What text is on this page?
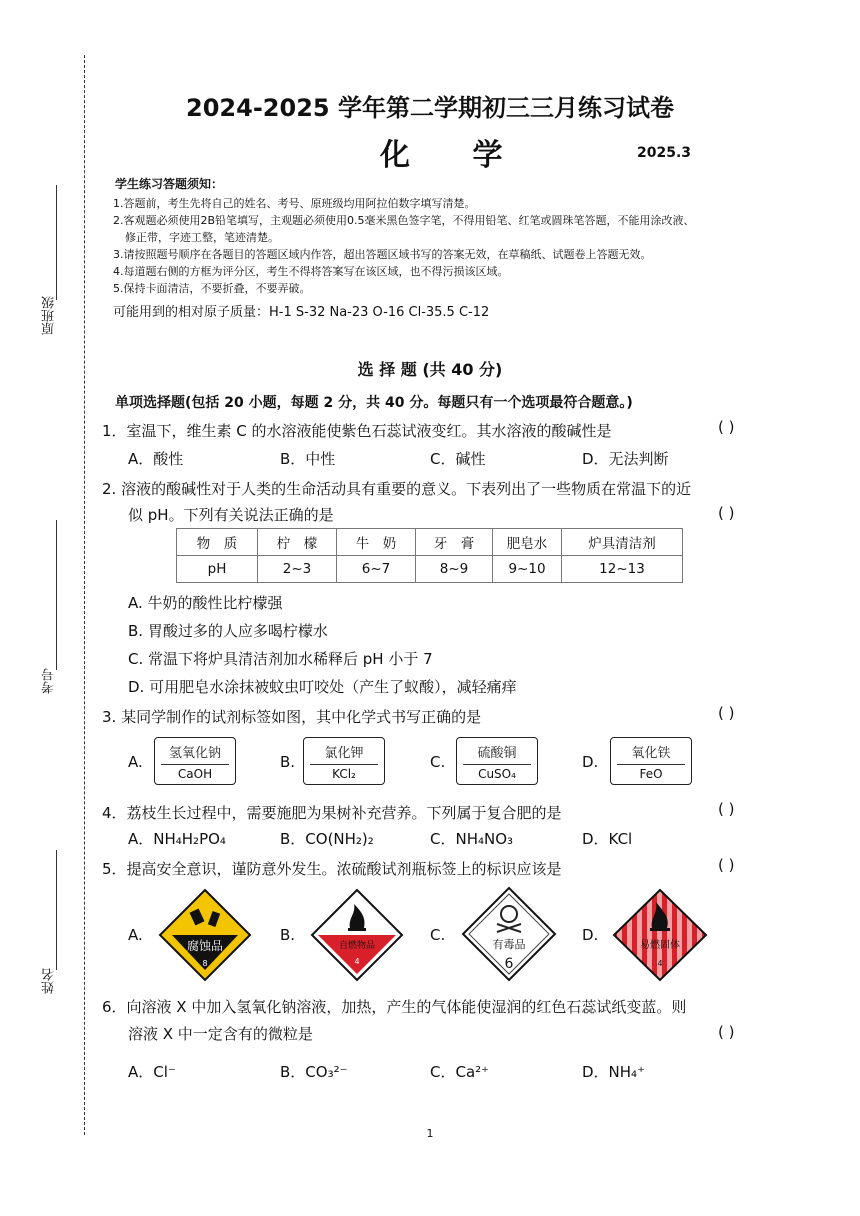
原班级
考号
姓名
2024-2025 学年第二学期初三三月练习试卷
化 学	2025.3
学生练习答题须知：
1.答题前，考生先将自己的姓名、考号、原班级均用阿拉伯数字填写清楚。
2.客观题必须使用2B铅笔填写，主观题必须使用0.5毫米黑色签字笔，不得用铅笔、红笔或圆珠笔答题，不能用涂改液、
修正带，字迹工整，笔迹清楚。
3.请按照题号顺序在各题目的答题区域内作答，超出答题区域书写的答案无效，在草稿纸、试题卷上答题无效。
4.每道题右侧的方框为评分区，考生不得将答案写在该区域，也不得污损该区域。
5.保持卡面清洁，不要折叠，不要弄破。
可能用到的相对原子质量：H-1 S-32 Na-23 O-16 Cl-35.5 C-12
选 择 题 (共 40 分)
单项选择题(包括 20 小题，每题 2 分，共 40 分。每题只有一个选项最符合题意。)
1．室温下，维生素 C 的水溶液能使紫色石蕊试液变红。其水溶液的酸碱性是	( )
A．酸性	B．中性	C．碱性	D．无法判断
2. 溶液的酸碱性对于人类的生命活动具有重要的意义。下表列出了一些物质在常温下的近
似 pH。下列有关说法正确的是	( )
物　质	柠　檬	牛　奶	牙　膏	肥皂水	炉具清洁剂
pH	2~3	6~7	8~9	9~10	12~13
A. 牛奶的酸性比柠檬强
B. 胃酸过多的人应多喝柠檬水
C. 常温下将炉具清洁剂加水稀释后 pH 小于 7
D. 可用肥皂水涂抹被蚊虫叮咬处（产生了蚁酸），减轻痛痒
3. 某同学制作的试剂标签如图，其中化学式书写正确的是	( )
A.	氢氧化钠
CaOH
B.	氯化钾
KCl₂
C.	硫酸铜
CuSO₄
D.	氧化铁
FeO
4．荔枝生长过程中，需要施肥为果树补充营养。下列属于复合肥的是	( )
A．NH₄H₂PO₄	B．CO(NH₂)₂	C．NH₄NO₃	D．KCl
5．提高安全意识，谨防意外发生。浓硫酸试剂瓶标签上的标识应该是	( )
A.
腐蚀品
8
B.
自燃物品
4
C.
有毒品
6
D.
易燃固体
4
6．向溶液 X 中加入氢氧化钠溶液，加热，产生的气体能使湿润的红色石蕊试纸变蓝。则
溶液 X 中一定含有的微粒是	( )
A．Cl⁻	B．CO₃²⁻	C．Ca²⁺	D．NH₄⁺
1
